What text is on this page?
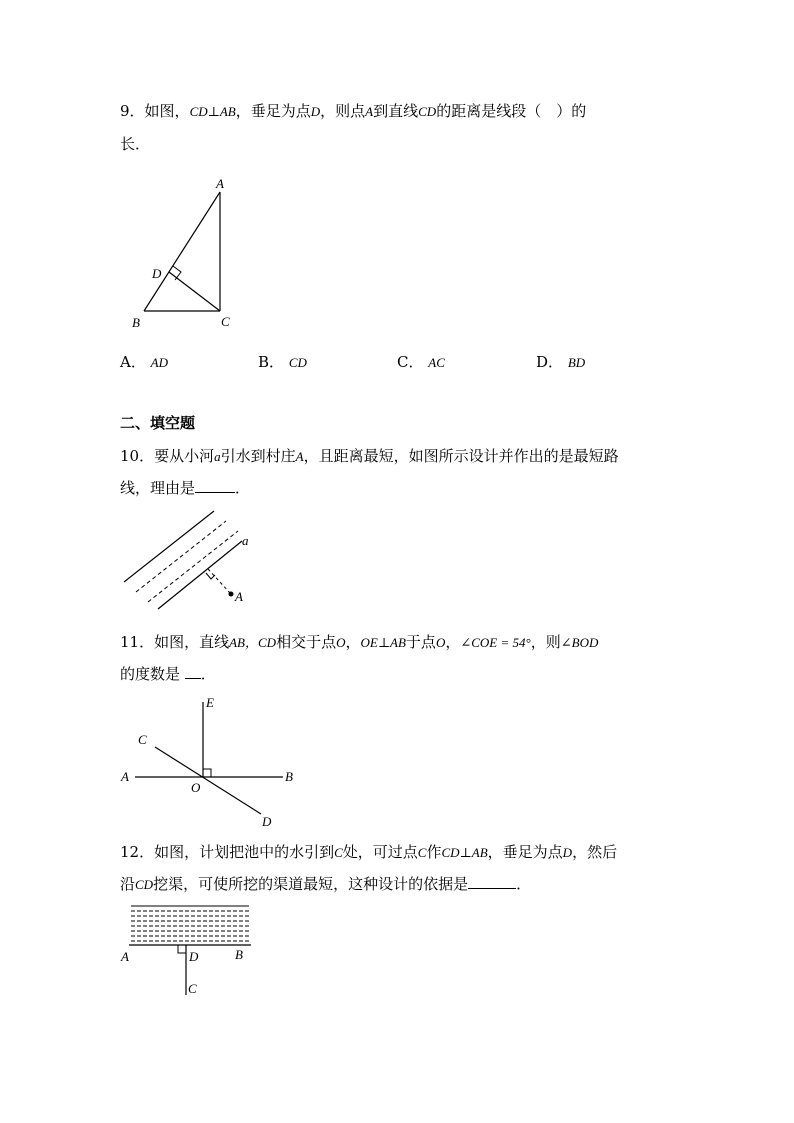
9．如图，CD⊥AB，垂足为点D，则点A到直线CD的距离是线段（　）的
长．
A
B	C
D
A． AD	B． CD	C． AC	D． BD
二、填空题
10．要从小河a引水到村庄A，且距离最短，如图所示设计并作出的是最短路
线，理由是	．
a
A
11．如图，直线AB，CD相交于点O，OE⊥AB于点O，∠COE = 54°，则∠BOD
的度数是 ．
E
C
A	B
O
D
12．如图，计划把池中的水引到C处，可过点C作CD⊥AB，垂足为点D，然后
沿CD挖渠，可使所挖的渠道最短，这种设计的依据是	．
A	B
D
C
